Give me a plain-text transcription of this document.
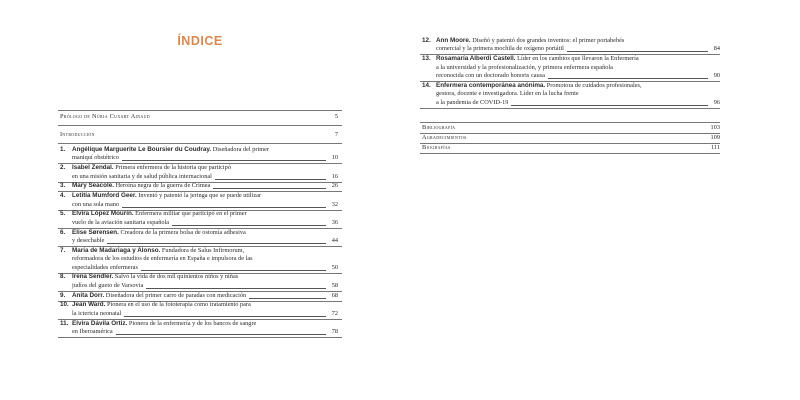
ÍNDICE
Prólogo de Núria Cuxart Ainaud	5
Introducción	7
1. Angélique Marguerite Le Boursier du Coudray. Diseñadora del primer
maniquí obstétrico	10
2. Isabel Zendal. Primera enfermera de la historia que participó
en una misión sanitaria y de salud pública internacional	16
3. Mary Seacole. Heroína negra de la guerra de Crimea	26
4. Letitia Mumford Geer. Inventó y patentó la jeringa que se puede utilizar
con una sola mano	32
5. Elvira López Mourín. Enfermera militar que participó en el primer
vuelo de la aviación sanitaria española	36
6. Elise Sørensen. Creadora de la primera bolsa de ostomía adhesiva
y desechable	44
7. María de Madariaga y Alonso. Fundadora de Salus Infirmorum,
reformadora de los estudios de enfermería en España e impulsora de las
especialidades enfermeras	50
8. Irena Sendler. Salvó la vida de dos mil quinientos niños y niñas
judíos del gueto de Varsovia	58
9. Anita Dorr. Diseñadora del primer carro de paradas con medicación	68
10. Jean Ward. Pionera en el uso de la fototerapia como tratamiento para
la ictericia neonatal	72
11. Elvira Dávila Ortiz. Pionera de la enfermería y de los bancos de sangre
en Iberoamérica	78
12. Ann Moore. Diseñó y patentó dos grandes inventos: el primer portabebés
comercial y la primera mochila de oxígeno portátil	84
13. Rosamaría Alberdi Castell. Líder en los cambios que llevaron la Enfermería
a la universidad y la profesionalización, y primera enfermera española
reconocida con un doctorado honoris causa	90
14. Enfermera contemporánea anónima. Promotora de cuidados profesionales,
gestora, docente e investigadora. Líder en la lucha frente
a la pandemia de COVID-19	96
Bibliografía	103
Agradecimientos	109
Biografías	111
